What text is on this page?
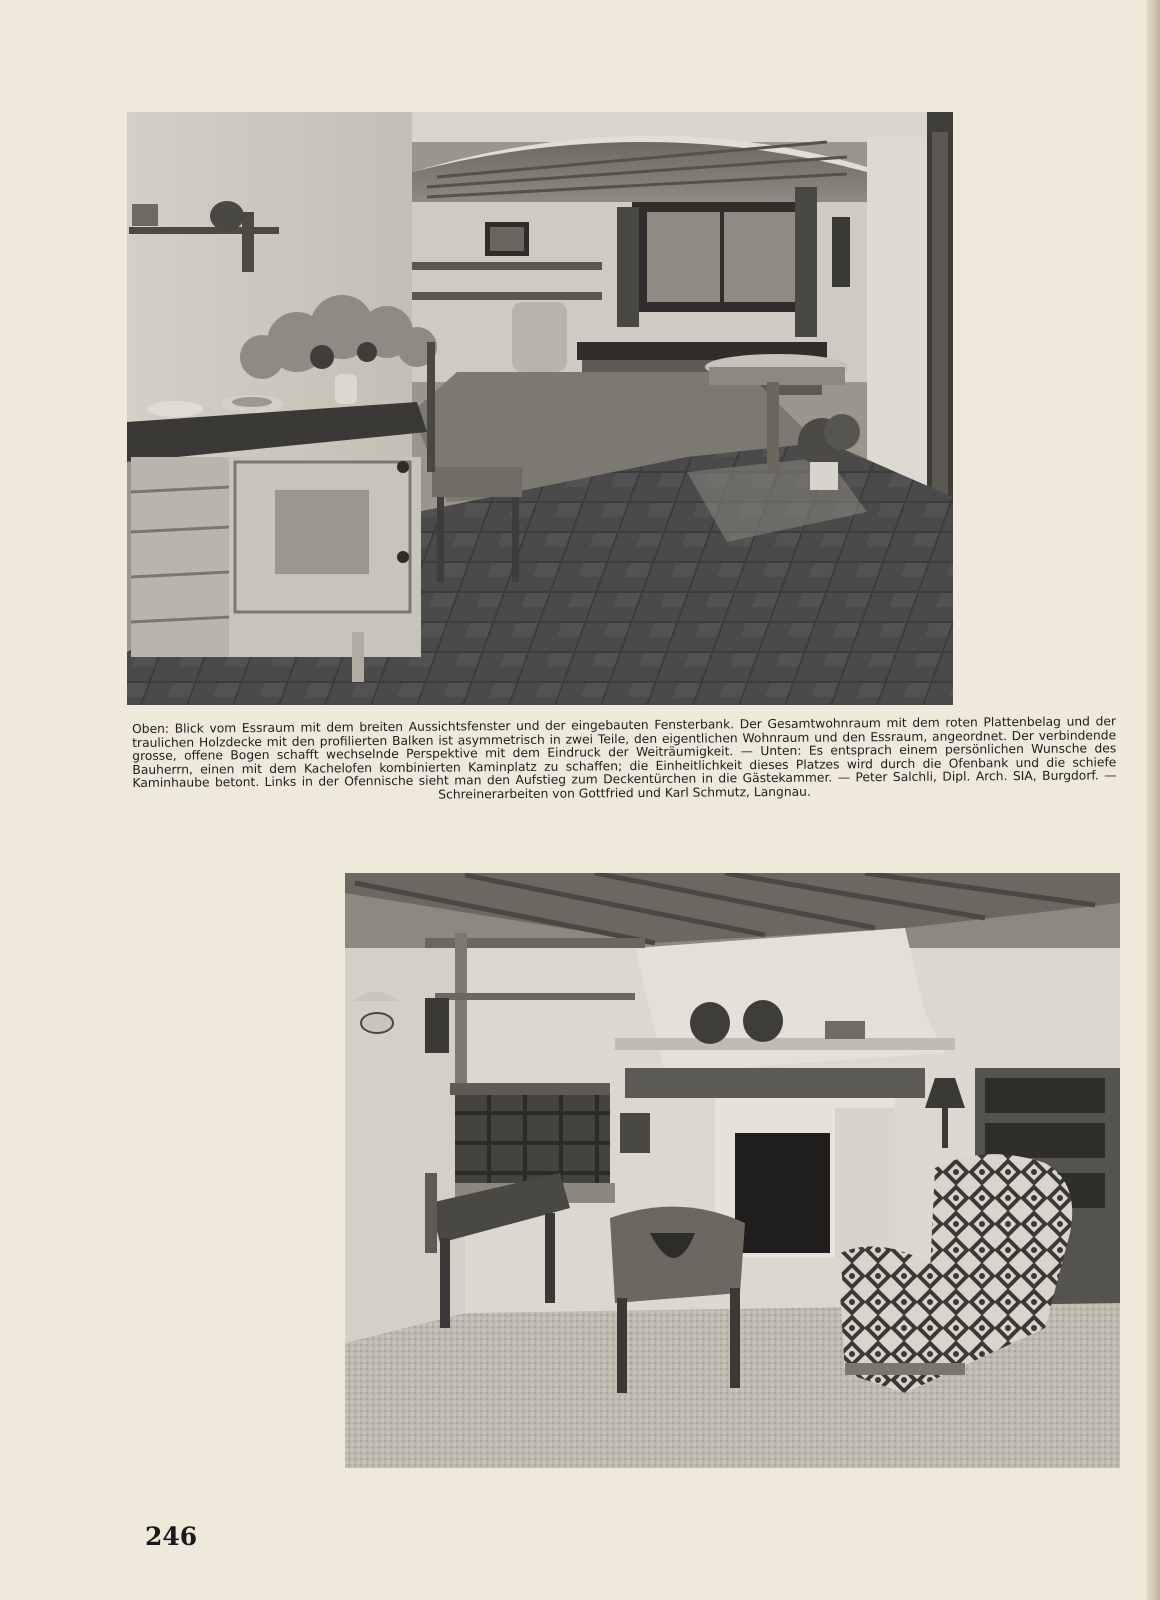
Oben: Blick vom Essraum mit dem breiten Aussichtsfenster und der eingebauten Fensterbank. Der Gesamtwohnraum mit dem roten Plattenbelag und der traulichen Holzdecke mit den profilierten Balken ist asymmetrisch in zwei Teile, den eigentlichen Wohnraum und den Essraum, angeordnet. Der verbindende grosse, offene Bogen schafft wechselnde Perspektive mit dem Eindruck der Weiträumigkeit. — Unten: Es entsprach einem persönlichen Wunsche des Bauherrn, einen mit dem Kachelofen kombinierten Kaminplatz zu schaffen; die Einheitlichkeit dieses Platzes wird durch die Ofenbank und die schiefe Kaminhaube betont. Links in der Ofennische sieht man den Aufstieg zum Deckentürchen in die Gästekammer. — Peter Salchli, Dipl. Arch. SIA, Burgdorf. — Schreinerarbeiten von Gottfried und Karl Schmutz, Langnau.

246
